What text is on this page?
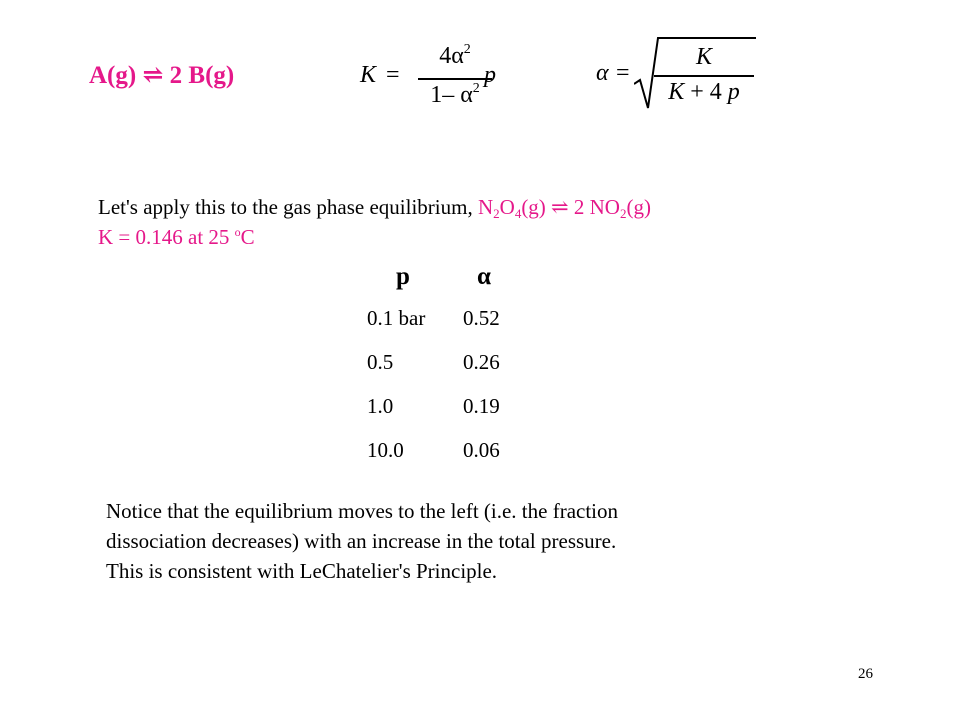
A(g) ⇌ 2 B(g)	K =
$4\alpha^2$
1– $\alpha^2$
p	α =
K
K + 4 p
Let's apply this to the gas phase equilibrium, $N_2O_4(g)$ ⇌ 2 $NO_2(g)$
K = 0.146 at 25 $^o$C
p	α
0.1 bar	0.52
0.5	0.26
1.0	0.19
10.0	0.06
Notice that the equilibrium moves to the left (i.e. the fraction
dissociation decreases) with an increase in the total pressure.
This is consistent with LeChatelier's Principle.
26
